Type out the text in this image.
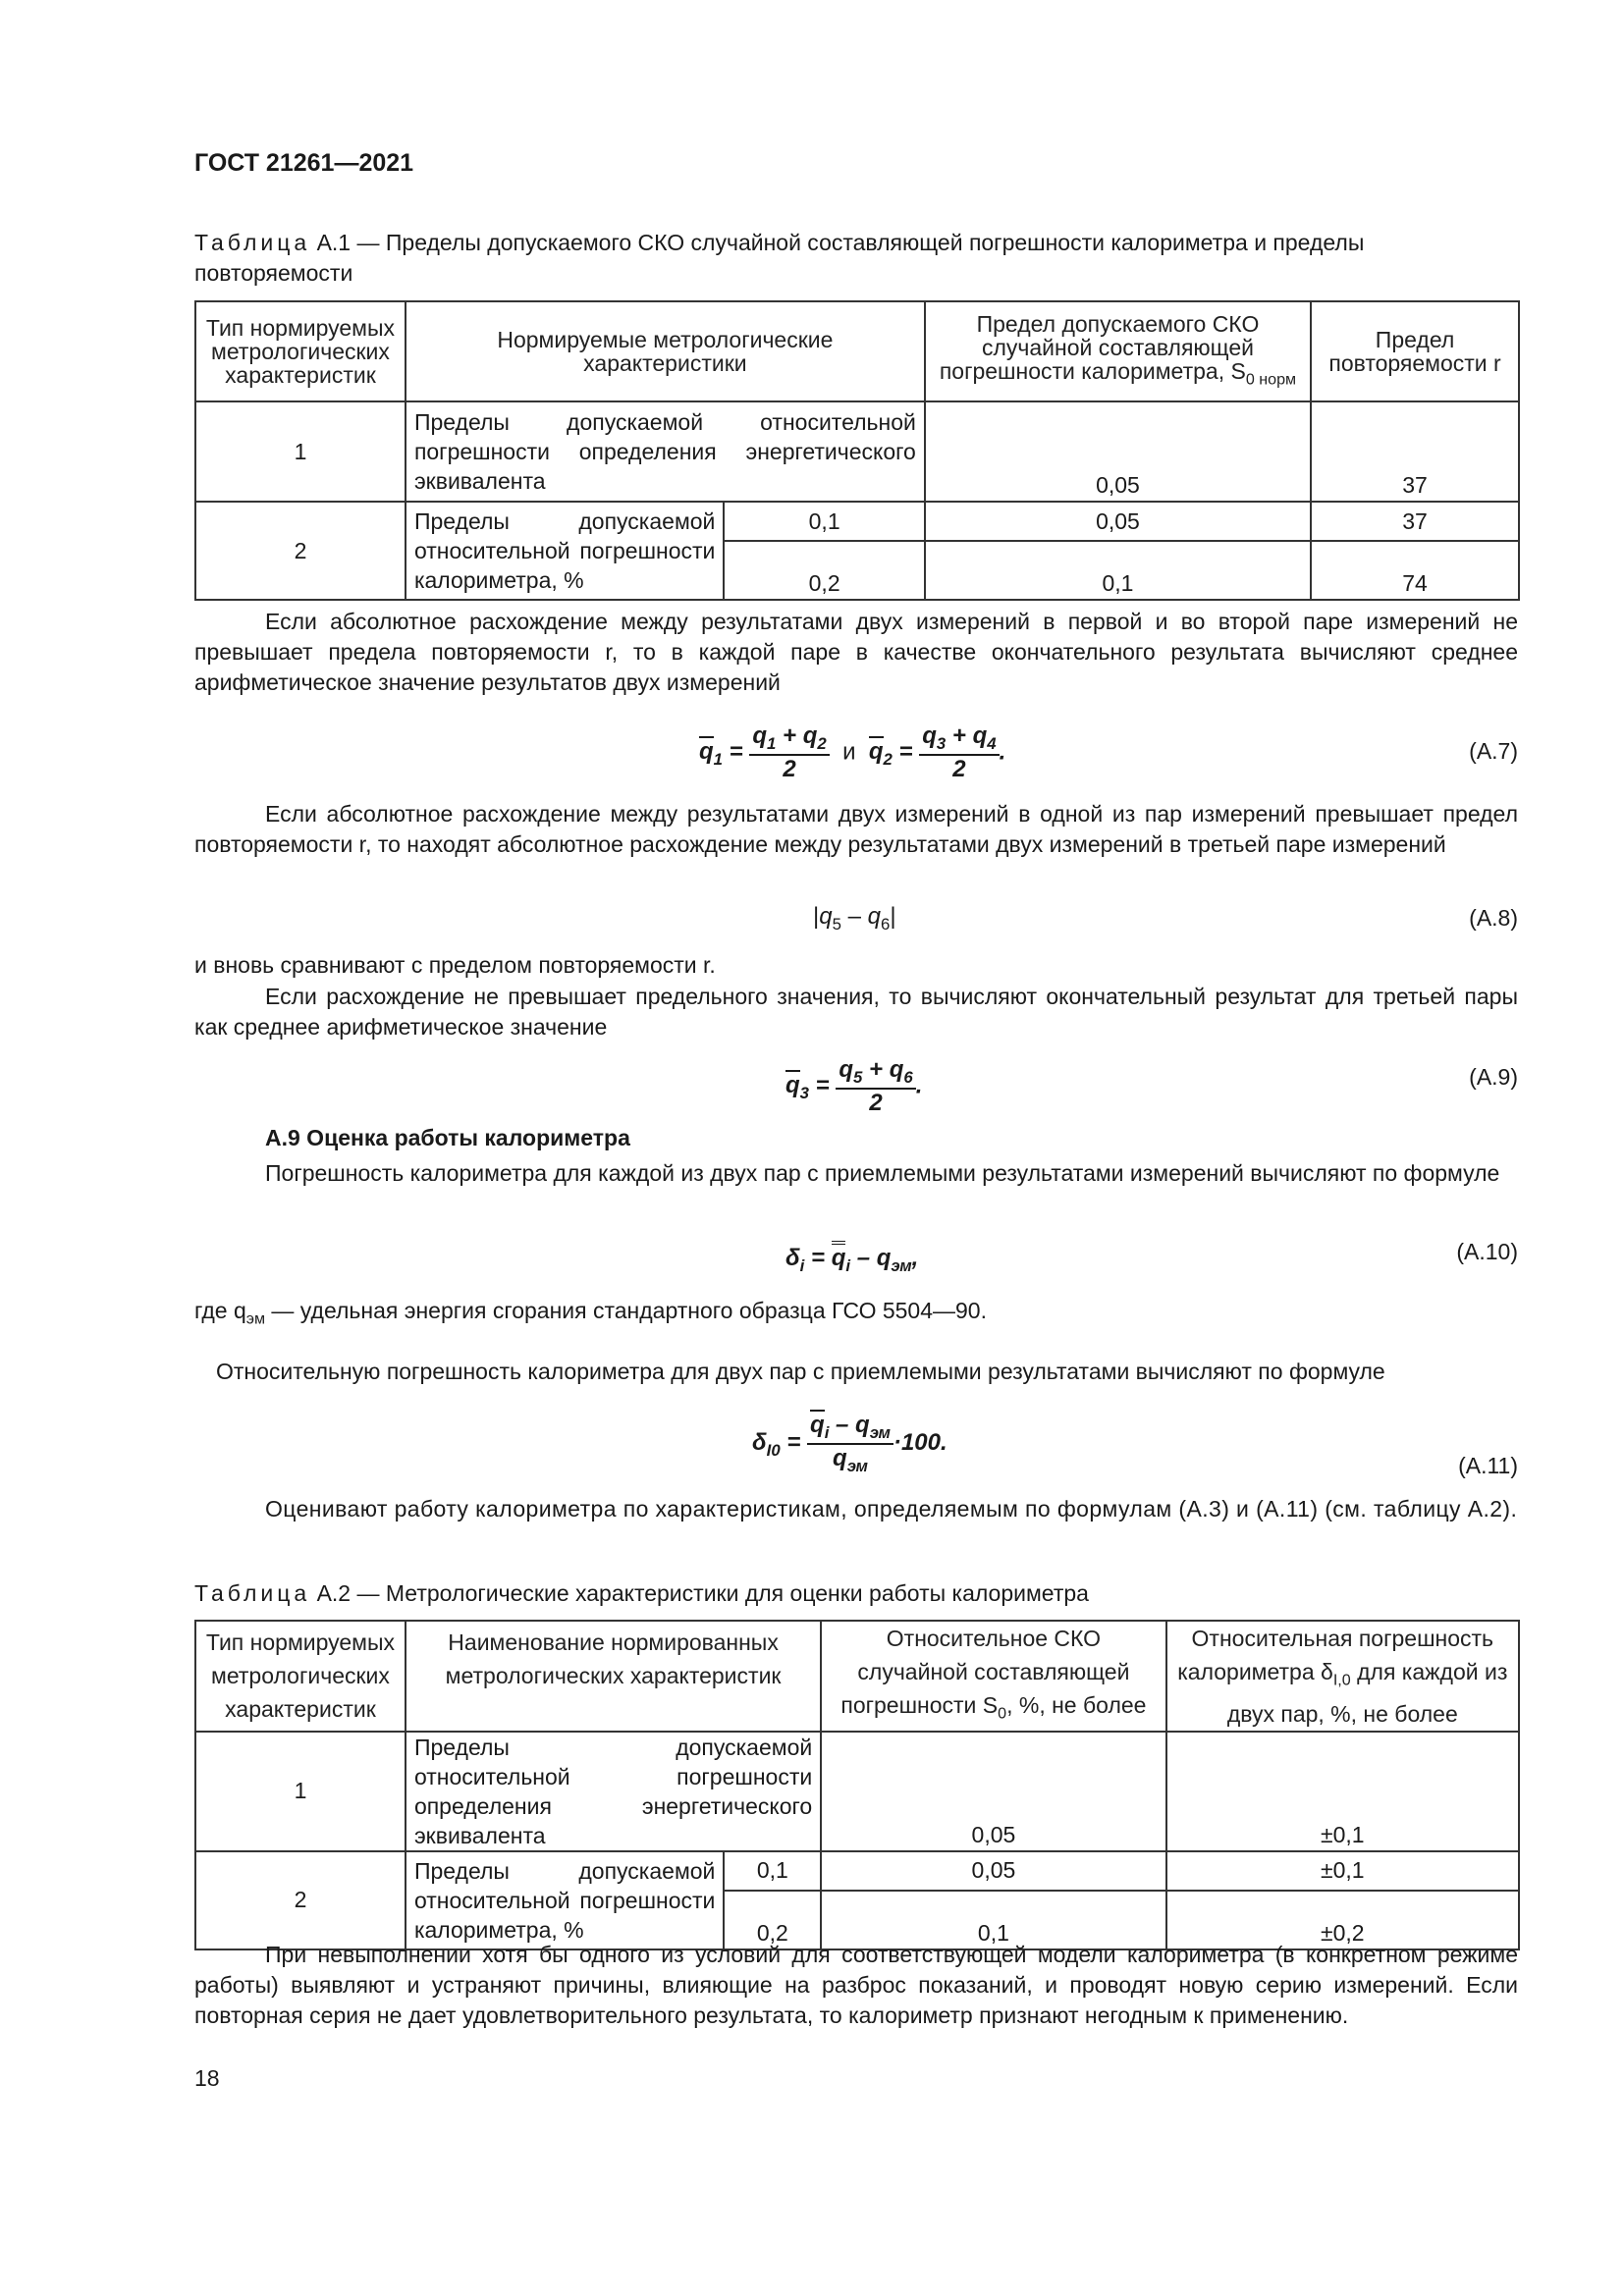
ГОСТ 21261—2021
Таблица А.1 — Пределы допускаемого СКО случайной составляющей погрешности калориметра и пределы повторяемости
Тип нормируемых метрологических характеристик	Нормируемые метрологические характеристики		Предел допускаемого СКО случайной составляющей погрешности калориметра, $S_{0 норм}$	Предел повторяемости r
1	Пределы допускаемой относительной погрешности определения энергетического эквивалента		0,05	37
2	Пределы допускаемой относительной погрешности калориметра, %	0,1	0,05	37
		0,2	0,1	74
Если абсолютное расхождение между результатами двух измерений в первой и во второй паре измерений не превышает предела повторяемости r, то в каждой паре в качестве окончательного результата вычисляют среднее арифметическое значение результатов двух измерений
$q_1 = \frac{q_1 + q_2}{2}$ и  $q_2 = \frac{q_3 + q_4}{2}$ .	(А.7)
Если абсолютное расхождение между результатами двух измерений в одной из пар измерений превышает предел повторяемости r, то находят абсолютное расхождение между результатами двух измерений в третьей паре измерений
$|q_5 - q_6|$	(А.8)
и вновь сравнивают с пределом повторяемости r.
Если расхождение не превышает предельного значения, то вычисляют окончательный результат для третьей пары как среднее арифметическое значение
$q_3 = \frac{q_5 + q_6}{2}$ .	(А.9)
А.9 Оценка работы калориметра
Погрешность калориметра для каждой из двух пар с приемлемыми результатами измерений вычисляют по формуле
$\delta_i = q_i - q_{эм}$,	(А.10)
где $q_{эм}$ — удельная энергия сгорания стандартного образца ГСО 5504—90.
Относительную погрешность калориметра для двух пар с приемлемыми результатами вычисляют по формуле
$\delta_{I0} = \frac{q_i - q_{эм}}{q_{эм}} \cdot 100$.
(А.11)
Оценивают работу калориметра по характеристикам, определяемым по формулам (А.3) и (А.11) (см. таблицу А.2).
Таблица А.2 — Метрологические характеристики для оценки работы калориметра
Тип нормируемых метрологических характеристик	Наименование нормированных метрологических характеристик		Относительное СКО случайной составляющей погрешности $S_0$, %, не более	Относительная погрешность калориметра $\delta_{I,0}$ для каждой из двух пар, %, не более
1	Пределы допускаемой относительной погрешности определения энергетического эквивалента		0,05	±0,1
2	Пределы допускаемой относительной погрешности калориметра, %	0,1	0,05	±0,1
		0,2	0,1	±0,2
При невыполнении хотя бы одного из условий для соответствующей модели калориметра (в конкретном режиме работы) выявляют и устраняют причины, влияющие на разброс показаний, и проводят новую серию измерений. Если повторная серия не дает удовлетворительного результата, то калориметр признают негодным к применению.
18
